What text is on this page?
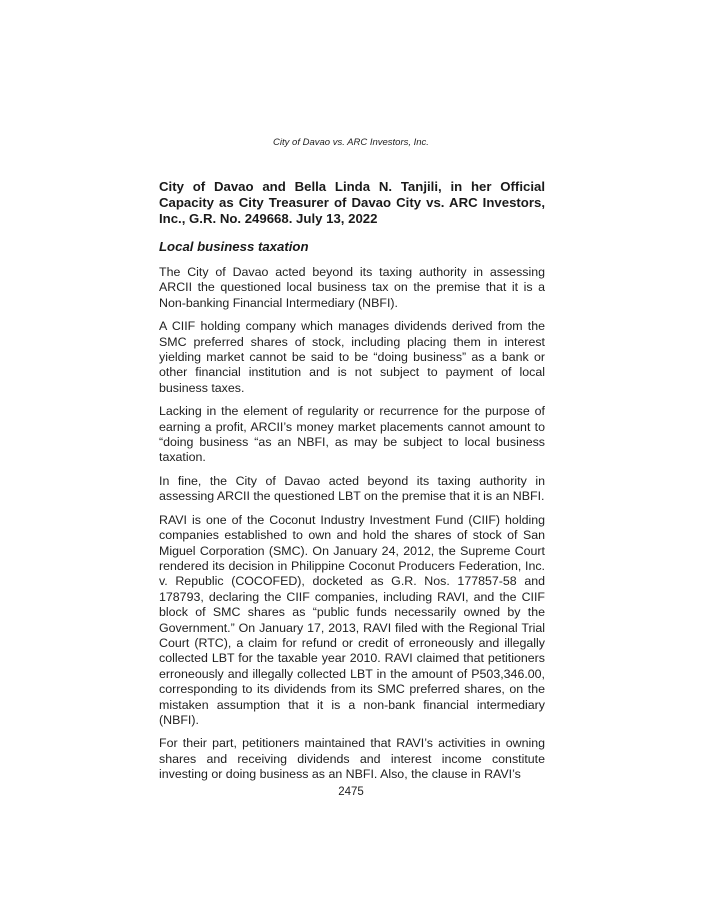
City of Davao vs. ARC Investors, Inc.

City of Davao and Bella Linda N. Tanjili, in her Official Capacity as City Treasurer of Davao City vs. ARC Investors, Inc., G.R. No. 249668. July 13, 2022

Local business taxation

The City of Davao acted beyond its taxing authority in assessing ARCII the questioned local business tax on the premise that it is a Non-banking Financial Intermediary (NBFI).

A CIIF holding company which manages dividends derived from the SMC preferred shares of stock, including placing them in interest yielding market cannot be said to be “doing business” as a bank or other financial institution and is not subject to payment of local business taxes.

Lacking in the element of regularity or recurrence for the purpose of earning a profit, ARCII’s money market placements cannot amount to “doing business “as an NBFI, as may be subject to local business taxation.

In fine, the City of Davao acted beyond its taxing authority in assessing ARCII the questioned LBT on the premise that it is an NBFI.

RAVI is one of the Coconut Industry Investment Fund (CIIF) holding companies established to own and hold the shares of stock of San Miguel Corporation (SMC). On January 24, 2012, the Supreme Court rendered its decision in Philippine Coconut Producers Federation, Inc. v. Republic (COCOFED), docketed as G.R. Nos. 177857-58 and 178793, declaring the CIIF companies, including RAVI, and the CIIF block of SMC shares as “public funds necessarily owned by the Government.” On January 17, 2013, RAVI filed with the Regional Trial Court (RTC), a claim for refund or credit of erroneously and illegally collected LBT for the taxable year 2010. RAVI claimed that petitioners erroneously and illegally collected LBT in the amount of P503,346.00, corresponding to its dividends from its SMC preferred shares, on the mistaken assumption that it is a non-bank financial intermediary (NBFI).

For their part, petitioners maintained that RAVI’s activities in owning shares and receiving dividends and interest income constitute investing or doing business as an NBFI. Also, the clause in RAVI’s

2475
